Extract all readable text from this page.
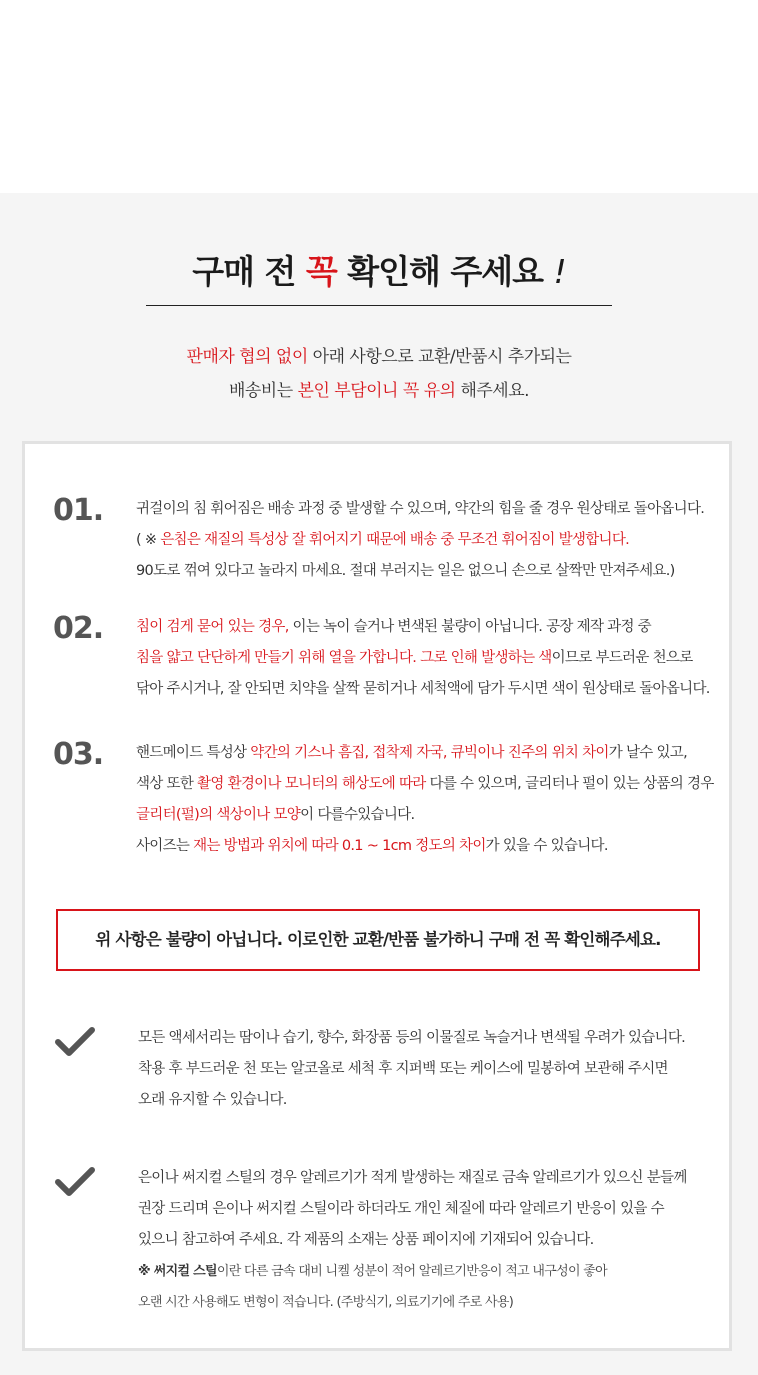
구매 전 꼭 확인해 주세요 !
판매자 협의 없이 아래 사항으로 교환/반품시 추가되는
배송비는 본인 부담이니 꼭 유의 해주세요.
01. 귀걸이의 침 휘어짐은 배송 과정 중 발생할 수 있으며, 약간의 힘을 줄 경우 원상태로 돌아옵니다.

( ※ 은침은 재질의 특성상 잘 휘어지기 때문에 배송 중 무조건 휘어짐이 발생합니다.

90도로 꺾여 있다고 놀라지 마세요. 절대 부러지는 일은 없으니 손으로 살짝만 만져주세요.)

02. 침이 검게 묻어 있는 경우, 이는 녹이 슬거나 변색된 불량이 아닙니다. 공장 제작 과정 중

침을 얇고 단단하게 만들기 위해 열을 가합니다. 그로 인해 발생하는 색이므로 부드러운 천으로

닦아 주시거나, 잘 안되면 치약을 살짝 묻히거나 세척액에 담가 두시면 색이 원상태로 돌아옵니다.

03. 핸드메이드 특성상 약간의 기스나 흠집, 접착제 자국, 큐빅이나 진주의 위치 차이가 날수 있고,

색상 또한 촬영 환경이나 모니터의 해상도에 따라 다를 수 있으며, 글리터나 펄이 있는 상품의 경우

글리터(펄)의 색상이나 모양이 다를수있습니다.

사이즈는 재는 방법과 위치에 따라 0.1 ~ 1cm 정도의 차이가 있을 수 있습니다.

위 사항은 불량이 아닙니다. 이로인한 교환/반품 불가하니 구매 전 꼭 확인해주세요.

모든 액세서리는 땀이나 습기, 향수, 화장품 등의 이물질로 녹슬거나 변색될 우려가 있습니다.

착용 후 부드러운 천 또는 알코올로 세척 후 지퍼백 또는 케이스에 밀봉하여 보관해 주시면

오래 유지할 수 있습니다.

은이나 써지컬 스틸의 경우 알레르기가 적게 발생하는 재질로 금속 알레르기가 있으신 분들께

권장 드리며 은이나 써지컬 스틸이라 하더라도 개인 체질에 따라 알레르기 반응이 있을 수

있으니 참고하여 주세요. 각 제품의 소재는 상품 페이지에 기재되어 있습니다.

※ 써지컬 스틸이란 다른 금속 대비 니켈 성분이 적어 알레르기반응이 적고 내구성이 좋아

오랜 시간 사용해도 변형이 적습니다. (주방식기, 의료기기에 주로 사용)
